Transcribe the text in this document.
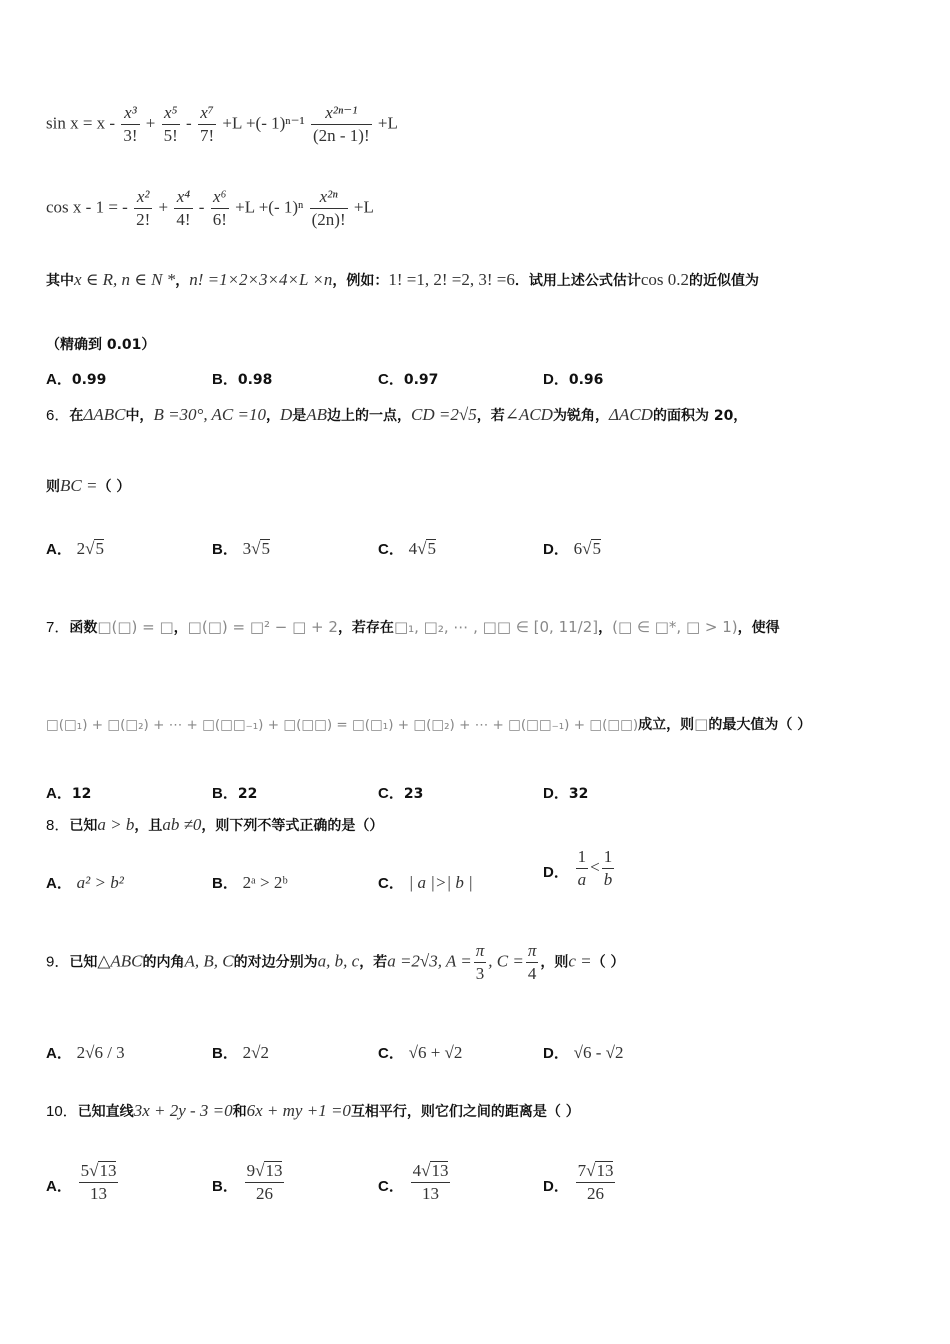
$\sin x = x - \frac{\text{x³}}{3!} + \frac{\text{x⁵}}{5!} - \frac{\text{x⁷}}{7!} +L$ +(- $1)^{n-1} \frac{\text{x²ⁿ⁻¹}}{(2n - 1)!} +L$
cos x - 1 = - $\frac{\text{x²}}{2!} + \frac{\text{x⁴}}{4!} - \frac{\text{x⁶}}{6!} +L$ +(- $1)^n \frac{\text{x²ⁿ}}{(2n)!} +L$
其中x ∈ R, n ∈ N *，n! =1×2×3×4×L ×n，例如：1! =1, 2! =2, 3! =6．试用上述公式估计cos 0.2的近似值为
（精确到 0.01）
A．0.99	B．0.98	C．0.97	D．0.96
6．在ΔABC中，B =30°, AC =10，D是AB边上的一点，CD =2√5，若∠ACD为锐角，ΔACD的面积为 20，
则BC =（ ）
A． 2√5	B． 3√5	C． 4√5	D． 6√5
7．函数□(□) = □，□(□) = □² − □ + 2，若存在□₁, □₂, ⋯ , □□ ∈ [0, 11/2]，(□ ∈ □*, □ > 1)，使得
□(□₁) + □(□₂) + ⋯ + □(□□₋₁) + □(□□) = □(□₁) + □(□₂) + ⋯ + □(□□₋₁) + □(□□)成立，则□的最大值为（ ）
A．12	B．22	C．23	D．32
8．已知a > b，且ab ≠0，则下列不等式正确的是（）
A． a² > b²	B． 2ᵃ > 2ᵇ	C． | a |>| b |
D． $\frac{1}{a} < \frac{1}{b}$
9．已知△ABC的内角A, B, C的对边分别为a, b, c，若a =2√3, $A = \frac{\pi}{3}$ , $C = \frac{\pi}{4}$ ，则c =（ ）
A． 2√6 / 3	B． 2√2	C． √6 + √2	D． √6 - √2
10．已知直线3x + 2y - 3 =0和6x + my +1 =0互相平行，则它们之间的距离是（ ）
A． $\frac{5√13}{13}$	B． $\frac{9√13}{26}$	C． $\frac{4√13}{13}$	D． $\frac{7√13}{26}$
